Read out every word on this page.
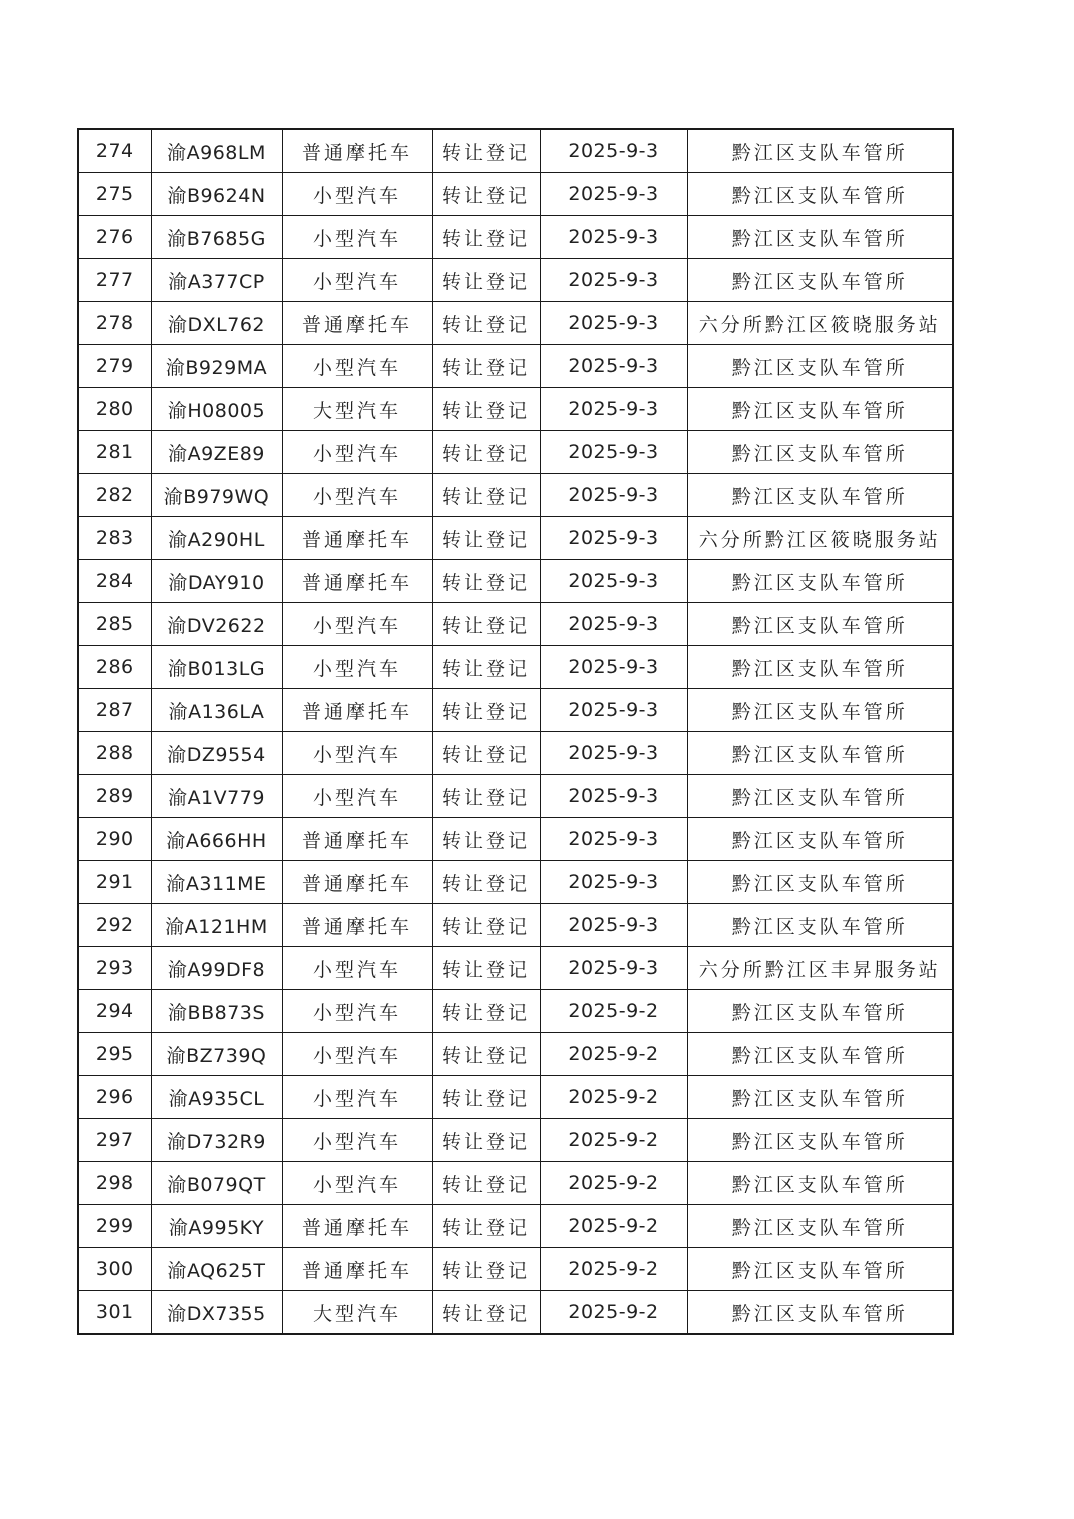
274	渝A968LM	普通摩托车	转让登记	2025-9-3	黔江区支队车管所
275	渝B9624N	小型汽车	转让登记	2025-9-3	黔江区支队车管所
276	渝B7685G	小型汽车	转让登记	2025-9-3	黔江区支队车管所
277	渝A377CP	小型汽车	转让登记	2025-9-3	黔江区支队车管所
278	渝DXL762	普通摩托车	转让登记	2025-9-3	六分所黔江区筱晓服务站
279	渝B929MA	小型汽车	转让登记	2025-9-3	黔江区支队车管所
280	渝H08005	大型汽车	转让登记	2025-9-3	黔江区支队车管所
281	渝A9ZE89	小型汽车	转让登记	2025-9-3	黔江区支队车管所
282	渝B979WQ	小型汽车	转让登记	2025-9-3	黔江区支队车管所
283	渝A290HL	普通摩托车	转让登记	2025-9-3	六分所黔江区筱晓服务站
284	渝DAY910	普通摩托车	转让登记	2025-9-3	黔江区支队车管所
285	渝DV2622	小型汽车	转让登记	2025-9-3	黔江区支队车管所
286	渝B013LG	小型汽车	转让登记	2025-9-3	黔江区支队车管所
287	渝A136LA	普通摩托车	转让登记	2025-9-3	黔江区支队车管所
288	渝DZ9554	小型汽车	转让登记	2025-9-3	黔江区支队车管所
289	渝A1V779	小型汽车	转让登记	2025-9-3	黔江区支队车管所
290	渝A666HH	普通摩托车	转让登记	2025-9-3	黔江区支队车管所
291	渝A311ME	普通摩托车	转让登记	2025-9-3	黔江区支队车管所
292	渝A121HM	普通摩托车	转让登记	2025-9-3	黔江区支队车管所
293	渝A99DF8	小型汽车	转让登记	2025-9-3	六分所黔江区丰昇服务站
294	渝BB873S	小型汽车	转让登记	2025-9-2	黔江区支队车管所
295	渝BZ739Q	小型汽车	转让登记	2025-9-2	黔江区支队车管所
296	渝A935CL	小型汽车	转让登记	2025-9-2	黔江区支队车管所
297	渝D732R9	小型汽车	转让登记	2025-9-2	黔江区支队车管所
298	渝B079QT	小型汽车	转让登记	2025-9-2	黔江区支队车管所
299	渝A995KY	普通摩托车	转让登记	2025-9-2	黔江区支队车管所
300	渝AQ625T	普通摩托车	转让登记	2025-9-2	黔江区支队车管所
301	渝DX7355	大型汽车	转让登记	2025-9-2	黔江区支队车管所
